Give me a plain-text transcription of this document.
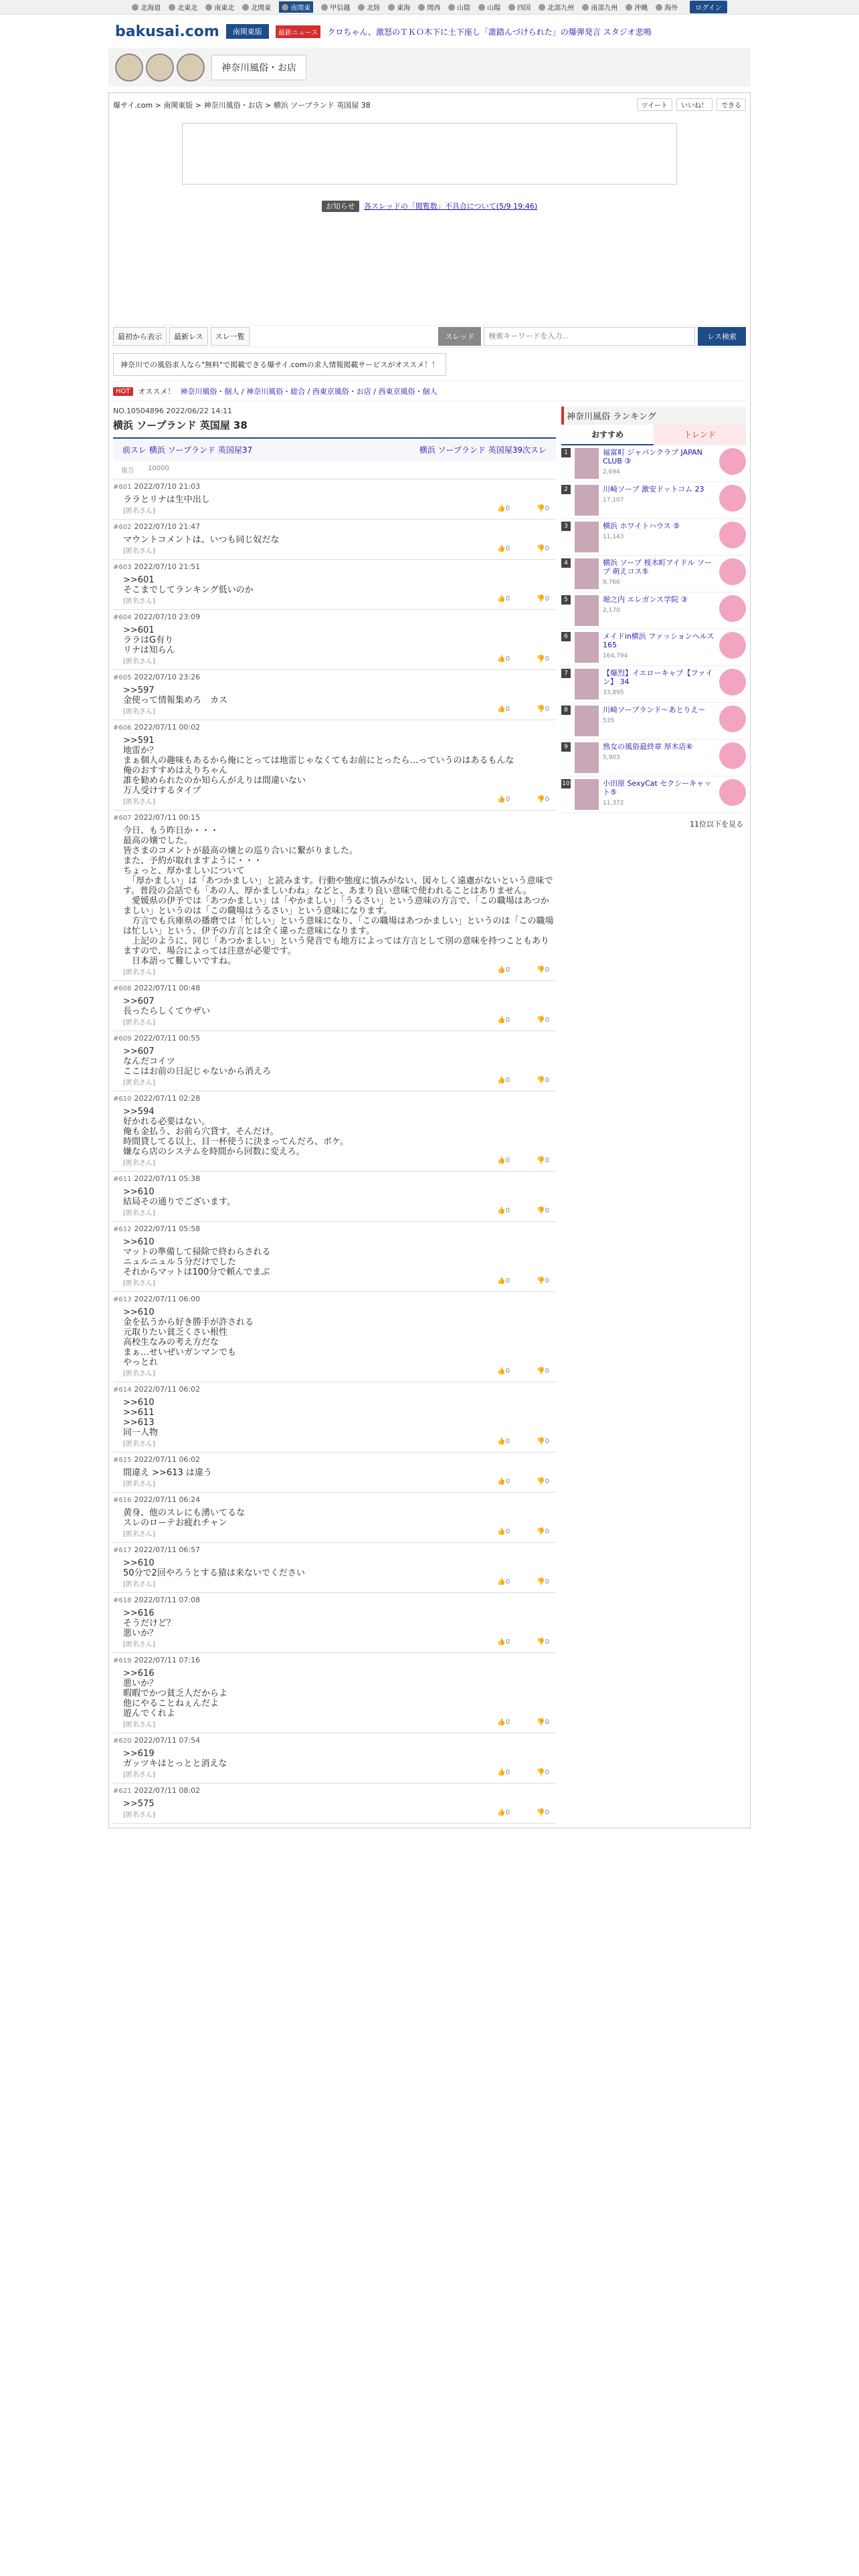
北海道	北東北	南東北	北関東	南関東	甲信越	北陸	東海	関西	山陰	山陽	四国	北部九州	南部九州	沖縄	海外	ログイン
bakusai.com	南関東版	最新ニュース	クロちゃん、激怒のＴＫＯ木下に土下座し「誰踏んづけられた」の爆弾発言 スタジオ悲鳴
神奈川風俗・お店
爆サイ.com > 南関東版 > 神奈川風俗・お店 > 横浜 ソープランド 英国屋 38	ツイート	いいね！	できる
お知らせ 各スレッドの「閲覧数」不具合について(5/9 19:46)
最初から表示	最新レス	スレ一覧	スレッド
検索キーワードを入力...	レス検索
神奈川での風俗求人なら"無料"で掲載できる爆サイ.comの求人情報掲載サービスがオススメ！！
HOT	オススメ！ 神奈川風俗・個人 / 神奈川風俗・総合 / 西東京風俗・お店 / 西東京風俗・個人
NO.10504896 2022/06/22 14:11
横浜 ソープランド 英国屋 38
前スレ 横浜 ソープランド 英国屋37	横浜 ソープランド 英国屋39次スレ
報告 10000
#601 2022/07/10 21:03
ララとリナは生中出し
[匿名さん]	👍0	👎0
#602 2022/07/10 21:47
マウントコメントは、いつも同じ奴だな
[匿名さん]	👍0	👎0
#603 2022/07/10 21:51
>>601
そこまでしてランキング低いのか
[匿名さん]	👍0	👎0
#604 2022/07/10 23:09
>>601
ララはG有り
リナは知らん
[匿名さん]	👍0	👎0
#605 2022/07/10 23:26
>>597
金使って情報集めろ　カス
[匿名さん]	👍0	👎0
#606 2022/07/11 00:02
>>591
地雷か？
まぁ個人の趣味もあるから俺にとっては地雷じゃなくてもお前にとったら…っていうのはあるもんな
俺のおすすめはえりちゃん
誰を勧められたのか知らんがえりは間違いない
万人受けするタイプ
[匿名さん]	👍0	👎0
#607 2022/07/11 00:15
今日、もう昨日か・・・
最高の嬢でした。
皆さまのコメントが最高の嬢との巡り合いに繋がりました。
また、予約が取れますように・・・
ちょっと、厚かましいについて
　「厚かましい」は「あつかましい」と読みます。行動や態度に慎みがない、図々しく遠慮がないという意味です。普段の会話でも「あの人、厚かましいわね」などと、あまり良い意味で使われることはありません。
　愛媛県の伊予では「あつかましい」は「やかましい」「うるさい」という意味の方言で、「この職場はあつかましい」というのは「この職場はうるさい」という意味になります。
　方言でも兵庫県の播磨では「忙しい」という意味になり、「この職場はあつかましい」というのは「この職場は忙しい」という、伊予の方言とは全く違った意味になります。
　上記のように、同じ「あつかましい」という発音でも地方によっては方言として別の意味を持つこともありますので、場合によっては注意が必要です。
　日本語って難しいですね。
[匿名さん]	👍0	👎0
#608 2022/07/11 00:48
>>607
長ったらしくてウザい
[匿名さん]	👍0	👎0
#609 2022/07/11 00:55
>>607
なんだコイツ
ここはお前の日記じゃないから消えろ
[匿名さん]	👍0	👎0
#610 2022/07/11 02:28
>>594
好かれる必要はない。
俺も金払う、お前ら穴貸す。そんだけ。
時間貸してる以上、目一杯使うに決まってんだろ、ボケ。
嫌なら店のシステムを時間から回数に変えろ。
[匿名さん]	👍0	👎0
#611 2022/07/11 05:38
>>610
結局その通りでございます。
[匿名さん]	👍0	👎0
#612 2022/07/11 05:58
>>610
マットの準備して掃除で終わらされる
ニュルニュル５分だけでした
それからマットは100分で頼んでまぶ
[匿名さん]	👍0	👎0
#613 2022/07/11 06:00
>>610
金を払うから好き勝手が許される
元取りたい貧乏くさい根性
高校生なみの考え方だな
まぁ…せいぜいガンマンでも
やっとれ
[匿名さん]	👍0	👎0
#614 2022/07/11 06:02
>>610
>>611
>>613
同一人物
[匿名さん]	👍0	👎0
#615 2022/07/11 06:02
間違え >>613 は違う
[匿名さん]	👍0	👎0
#616 2022/07/11 06:24
黄身、他のスレにも湧いてるな
スレのローテお疲れチャン
[匿名さん]	👍0	👎0
#617 2022/07/11 06:57
>>610
50分で2回やろうとする猿は来ないでください
[匿名さん]	👍0	👎0
#618 2022/07/11 07:08
>>616
そうだけど？
悪いか？
[匿名さん]	👍0	👎0
#619 2022/07/11 07:16
>>616
悪いか？
暇暇でかつ貧乏人だからよ
他にやることねぇんだよ
遊んでくれよ
[匿名さん]	👍0	👎0
#620 2022/07/11 07:54
>>619
ガッツキはとっとと消えな
[匿名さん]	👍0	👎0
#621 2022/07/11 08:02
>>575
[匿名さん]	👍0	👎0
神奈川風俗 ランキング
おすすめ	トレンド
1	福富町 ジャパンクラブ JAPAN CLUB ③
2,694
2	川崎ソープ 激安ドットコム 23
17,107
3	横浜 ホワイトハウス ⑤
11,143
4	横浜 ソープ 桜木町アイドル ソープ 萌えコス⑤
9,766
5	堀之内 エレガンス学院 ③
2,170
6	メイドin横浜 ファッションヘルス 165
164,794
7	【爆烈】イエローキャブ【ファイン】 34
33,895
8	川崎ソープランド〜あとりえ〜
535
9	熟女の風俗最終章 厚木店⑥
5,903
10	小田原 SexyCat セクシーキャット⑤
11,372
11位以下を見る
